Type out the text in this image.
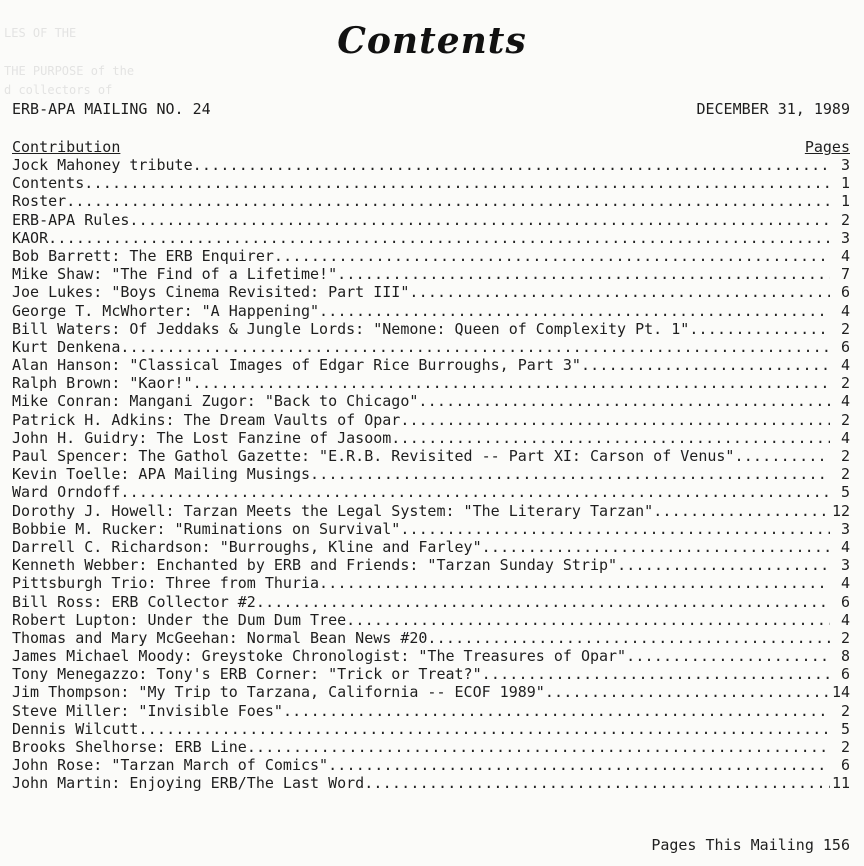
LES OF THE

THE PURPOSE of the
d collectors of
Contents
ERB-APA MAILING NO. 24	DECEMBER 31, 1989
Contribution	Pages
Jock Mahoney tribute .....	3
Contents .....	1
Roster .....	1
ERB-APA Rules .....	2
KAOR .....	3
Bob Barrett: The ERB Enquirer .....	4
Mike Shaw: "The Find of a Lifetime!" .....	7
Joe Lukes: "Boys Cinema Revisited: Part III" .....	6
George T. McWhorter: "A Happening" .....	4
Bill Waters: Of Jeddaks & Jungle Lords: "Nemone: Queen of Complexity Pt. 1" .....	2
Kurt Denkena .....	6
Alan Hanson: "Classical Images of Edgar Rice Burroughs, Part 3" .....	4
Ralph Brown: "Kaor!" .....	2
Mike Conran: Mangani Zugor: "Back to Chicago" .....	4
Patrick H. Adkins: The Dream Vaults of Opar .....	2
John H. Guidry: The Lost Fanzine of Jasoom .....	4
Paul Spencer: The Gathol Gazette: "E.R.B. Revisited -- Part XI: Carson of Venus" .....	2
Kevin Toelle: APA Mailing Musings .....	2
Ward Orndoff .....	5
Dorothy J. Howell: Tarzan Meets the Legal System: "The Literary Tarzan" .....	12
Bobbie M. Rucker: "Ruminations on Survival" .....	3
Darrell C. Richardson: "Burroughs, Kline and Farley" .....	4
Kenneth Webber: Enchanted by ERB and Friends: "Tarzan Sunday Strip" .....	3
Pittsburgh Trio: Three from Thuria .....	4
Bill Ross: ERB Collector #2 .....	6
Robert Lupton: Under the Dum Dum Tree .....	4
Thomas and Mary McGeehan: Normal Bean News #20 .....	2
James Michael Moody: Greystoke Chronologist: "The Treasures of Opar" .....	8
Tony Menegazzo: Tony's ERB Corner: "Trick or Treat?" .....	6
Jim Thompson: "My Trip to Tarzana, California -- ECOF 1989" .....	14
Steve Miller: "Invisible Foes" .....	2
Dennis Wilcutt .....	5
Brooks Shelhorse: ERB Line .....	2
John Rose: "Tarzan March of Comics" .....	6
John Martin: Enjoying ERB/The Last Word .....	11
Pages This Mailing 156
